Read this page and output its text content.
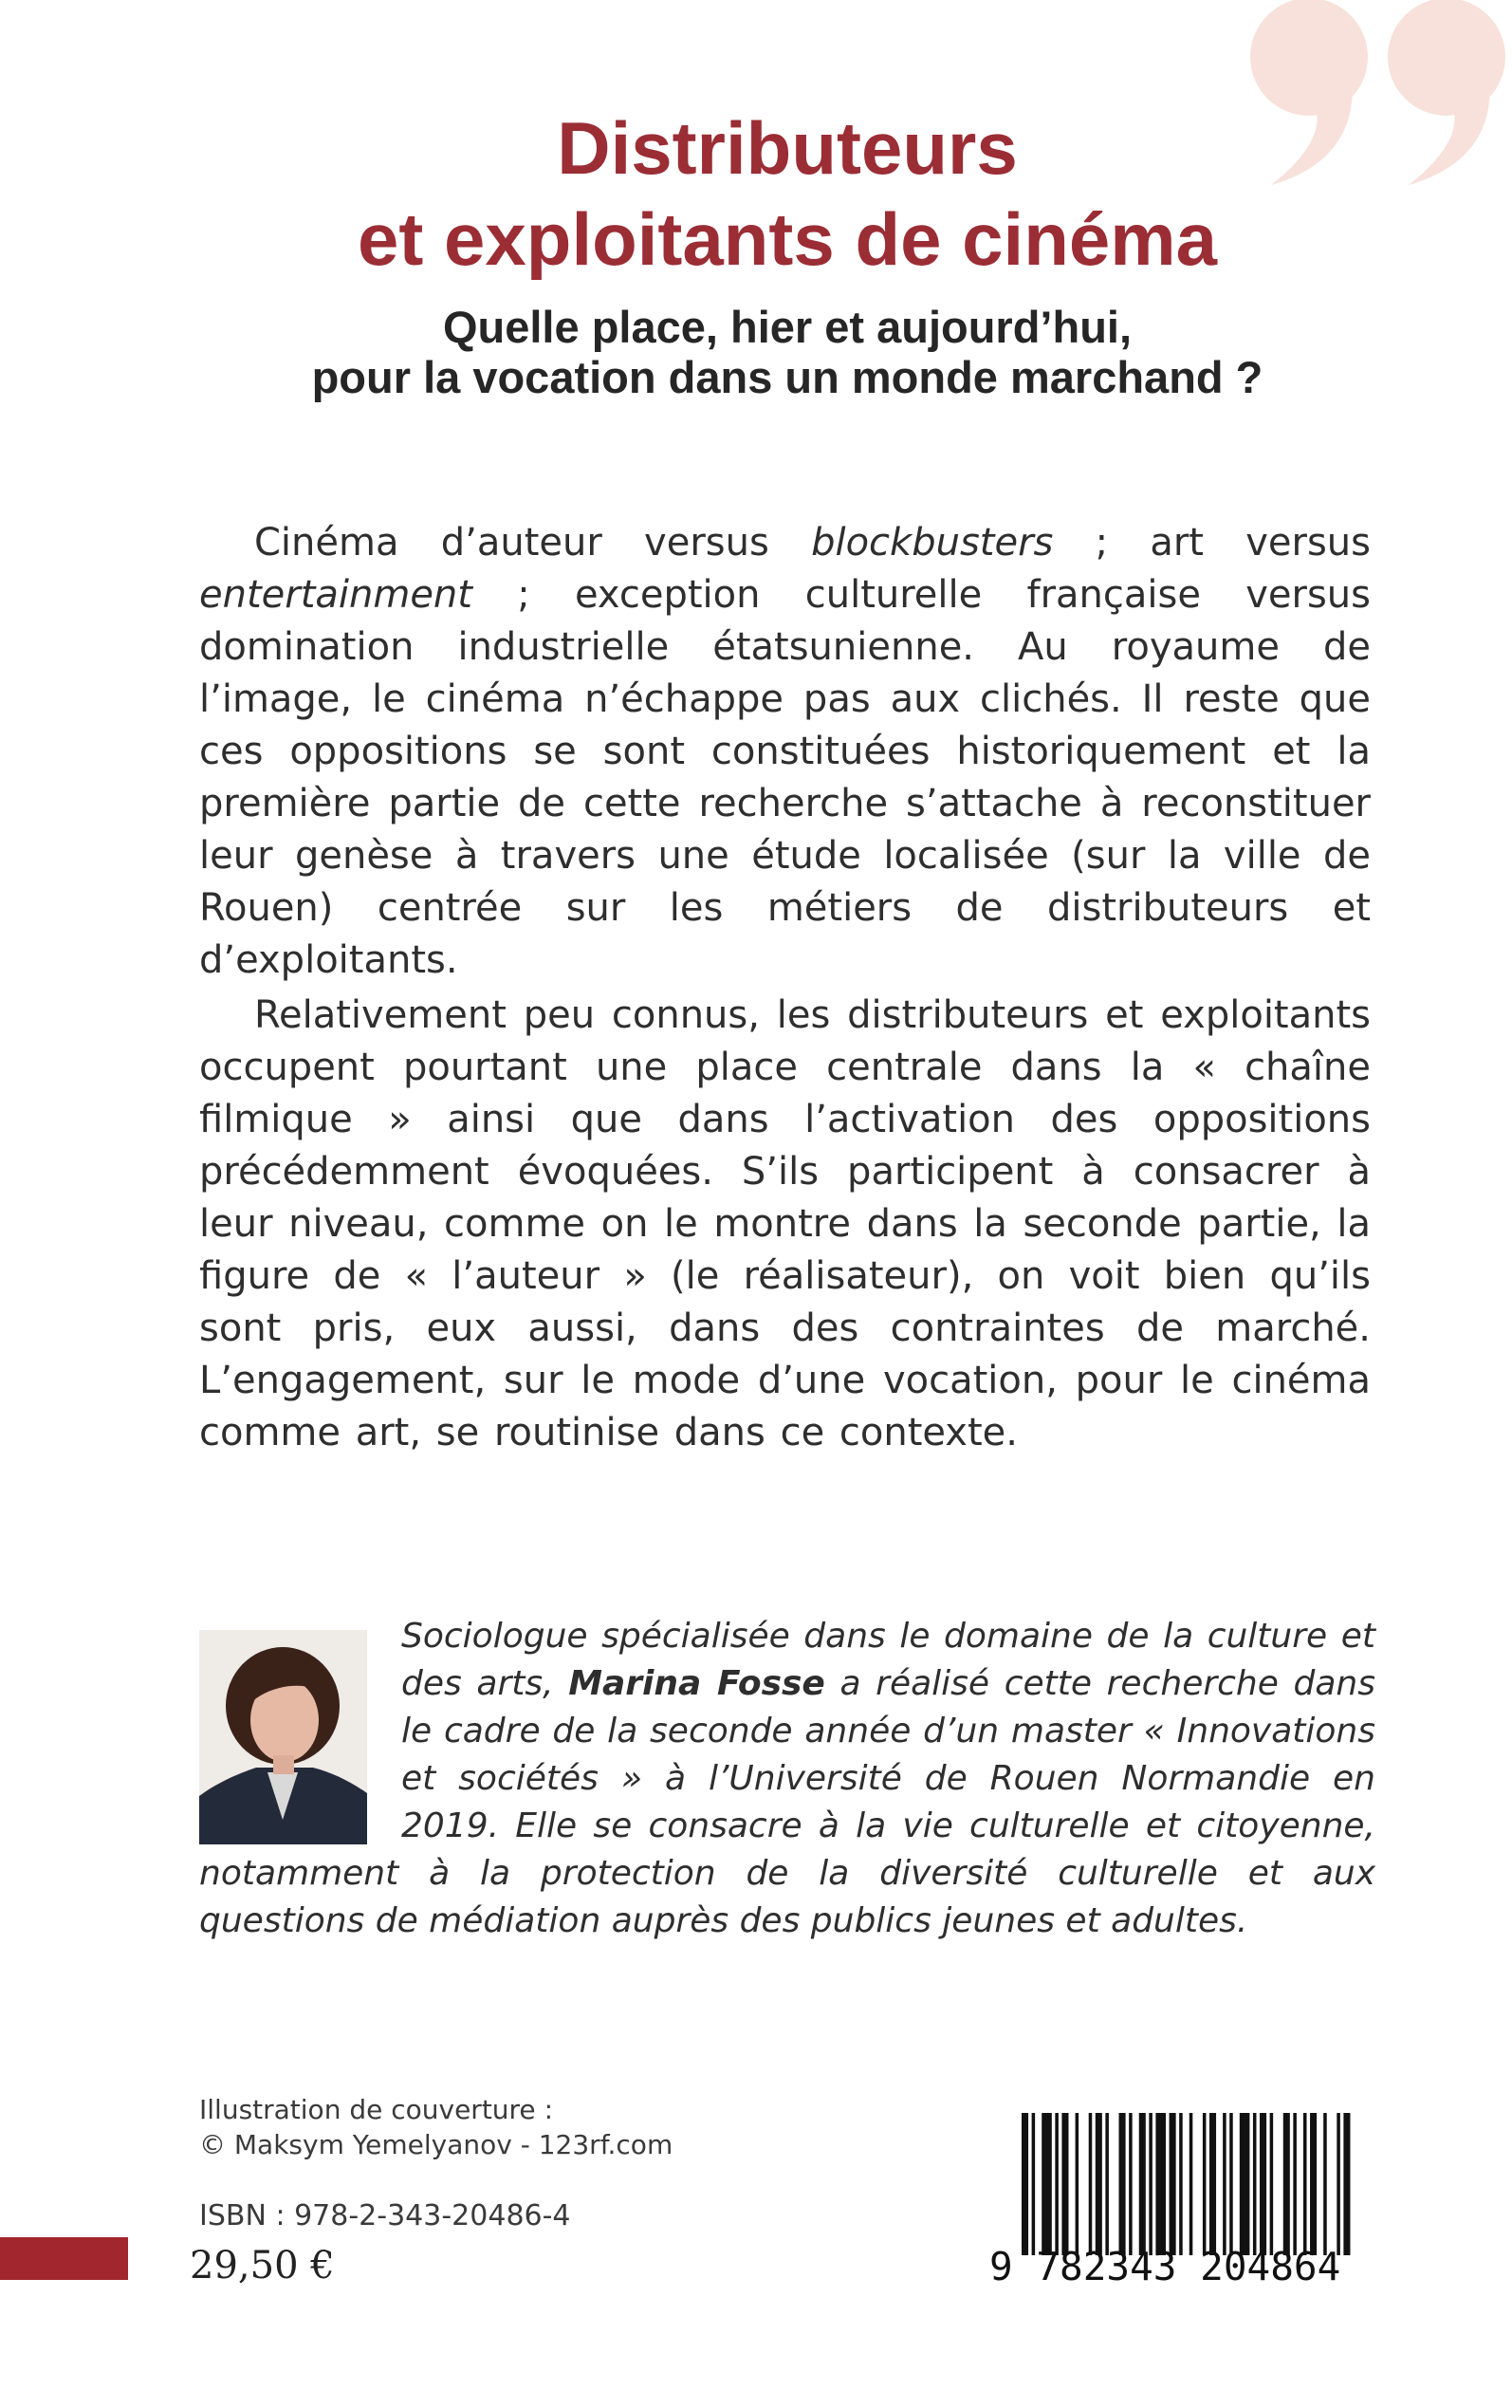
Distributeurs
et exploitants de cinéma
Quelle place, hier et aujourd’hui,
pour la vocation dans un monde marchand ?

Cinéma d’auteur versus blockbusters ; art versus entertainment ; exception culturelle française versus domination industrielle étatsunienne. Au royaume de l’image, le cinéma n’échappe pas aux clichés. Il reste que ces oppositions se sont constituées historiquement et la première partie de cette recherche s’attache à reconstituer leur genèse à travers une étude localisée (sur la ville de Rouen) centrée sur les métiers de distributeurs et d’exploitants.

Relativement peu connus, les distributeurs et exploitants occupent pourtant une place centrale dans la « chaîne filmique » ainsi que dans l’activation des oppositions précédemment évoquées. S’ils participent à consacrer à leur niveau, comme on le montre dans la seconde partie, la figure de « l’auteur » (le réalisateur), on voit bien qu’ils sont pris, eux aussi, dans des contraintes de marché. L’engagement, sur le mode d’une vocation, pour le cinéma comme art, se routinise dans ce contexte.

Sociologue spécialisée dans le domaine de la culture et des arts, Marina Fosse a réalisé cette recherche dans le cadre de la seconde année d’un master « Innovations et sociétés » à l’Université de Rouen Normandie en 2019. Elle se consacre à la vie culturelle et citoyenne, notamment à la protection de la diversité culturelle et aux questions de médiation auprès des publics jeunes et adultes.

Illustration de couverture :
© Maksym Yemelyanov - 123rf.com

ISBN : 978-2-343-20486-4

29,50 €	9 782343 204864
